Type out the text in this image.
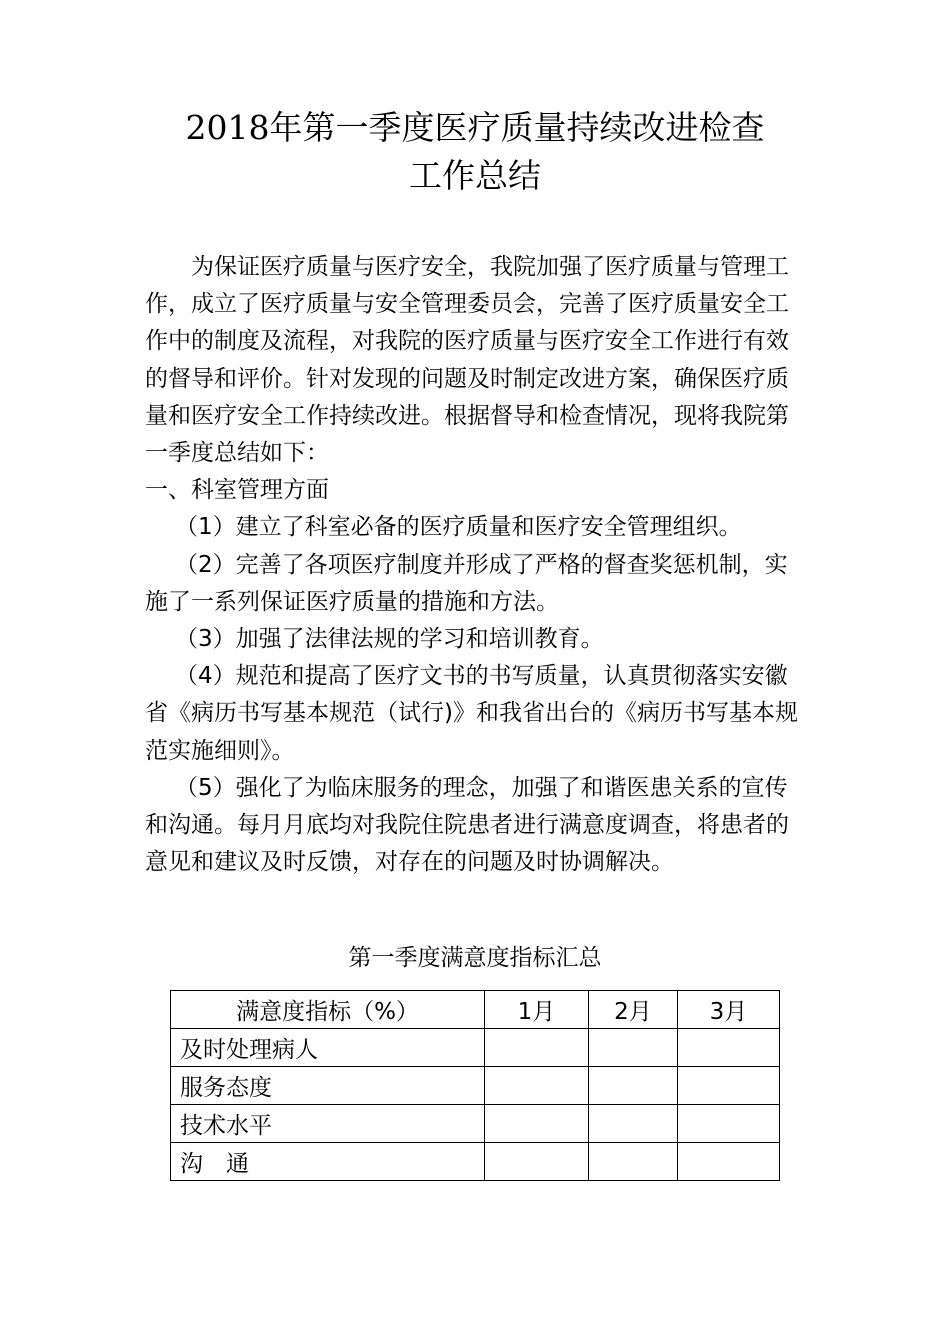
2018年第一季度医疗质量持续改进检查
工作总结

为保证医疗质量与医疗安全，我院加强了医疗质量与管理工作，成立了医疗质量与安全管理委员会，完善了医疗质量安全工作中的制度及流程，对我院的医疗质量与医疗安全工作进行有效的督导和评价。针对发现的问题及时制定改进方案，确保医疗质量和医疗安全工作持续改进。根据督导和检查情况，现将我院第一季度总结如下：

一、科室管理方面

（1）建立了科室必备的医疗质量和医疗安全管理组织。

（2）完善了各项医疗制度并形成了严格的督查奖惩机制，实施了一系列保证医疗质量的措施和方法。

（3）加强了法律法规的学习和培训教育。

（4）规范和提高了医疗文书的书写质量，认真贯彻落实安徽省《病历书写基本规范（试行)》和我省出台的《病历书写基本规范实施细则》。

（5）强化了为临床服务的理念，加强了和谐医患关系的宣传和沟通。每月月底均对我院住院患者进行满意度调查，将患者的意见和建议及时反馈，对存在的问题及时协调解决。

第一季度满意度指标汇总
满意度指标（%）	1月	2月	3月
及时处理病人			
服务态度			
技术水平			
沟　通			
